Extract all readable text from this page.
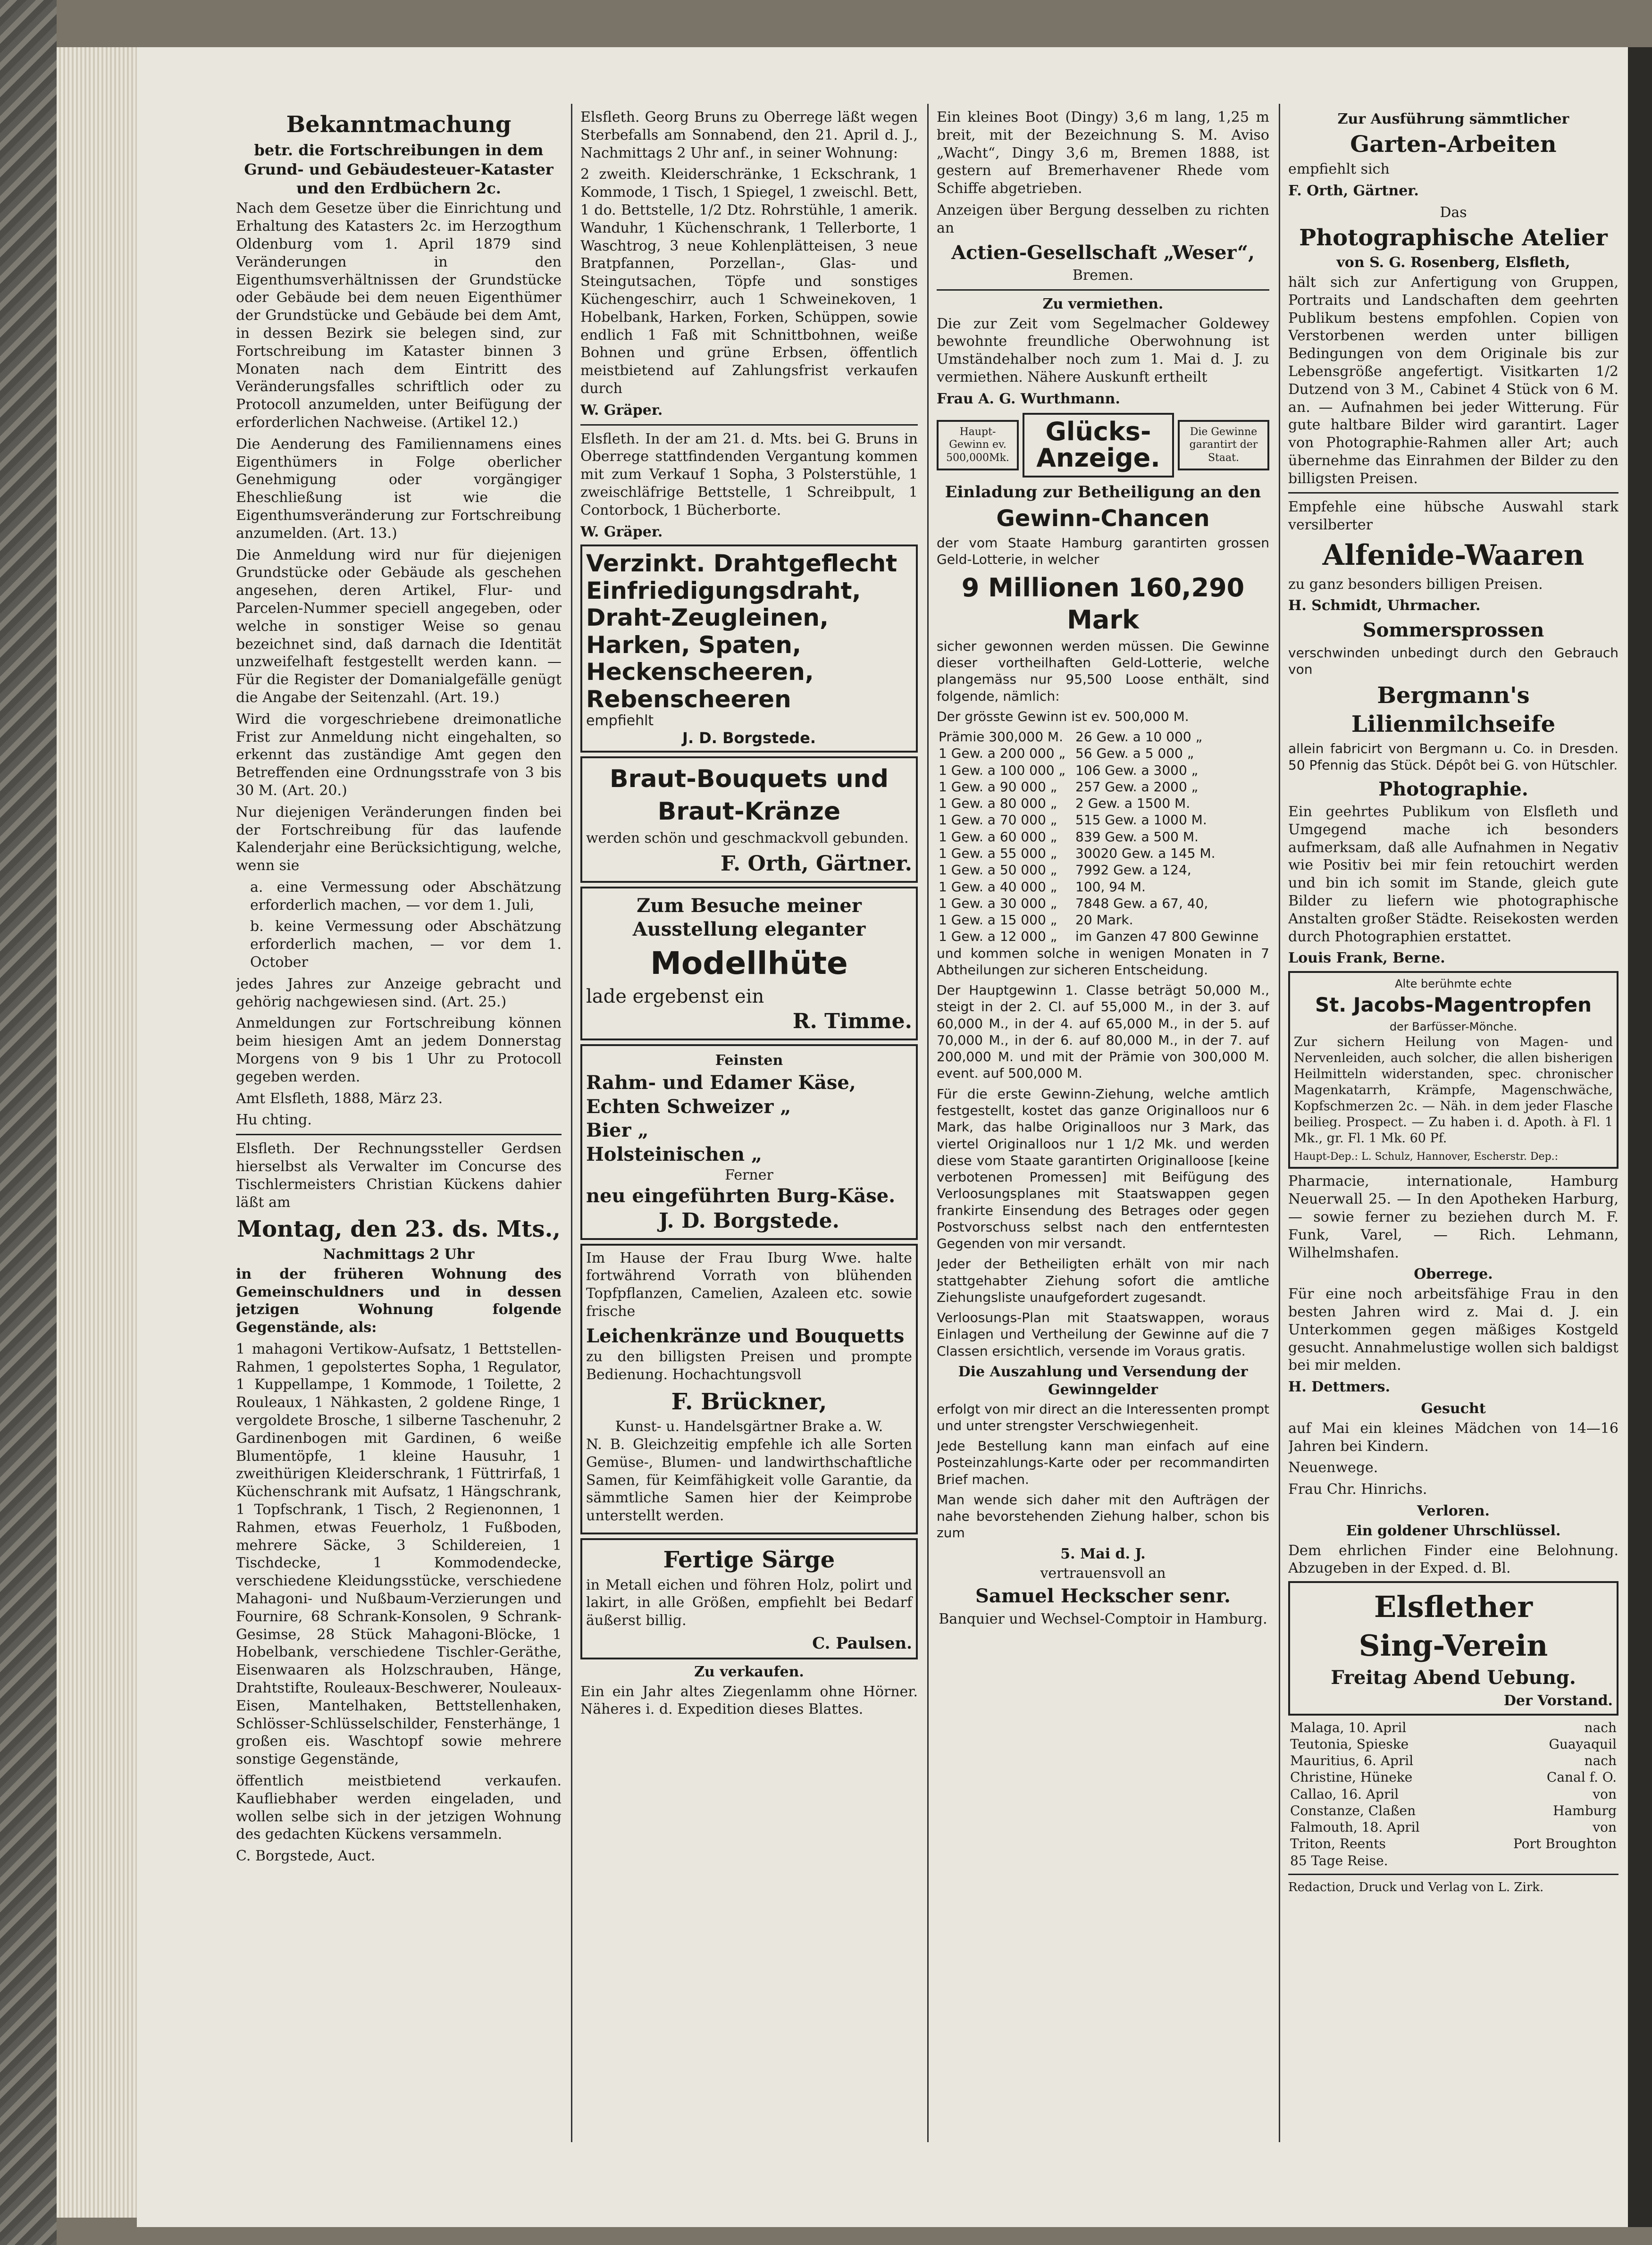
Bekanntmachung
betr. die Fortschreibungen in dem Grund- und Gebäudesteuer-Kataster und den Erdbüchern 2c.

Nach dem Gesetze über die Einrichtung und Erhaltung des Katasters 2c. im Herzogthum Oldenburg vom 1. April 1879 sind Veränderungen in den Eigenthumsverhältnissen der Grundstücke oder Gebäude bei dem neuen Eigenthümer der Grundstücke und Gebäude bei dem Amt, in dessen Bezirk sie belegen sind, zur Fortschreibung im Kataster binnen 3 Monaten nach dem Eintritt des Veränderungsfalles schriftlich oder zu Protocoll anzumelden, unter Beifügung der erforderlichen Nachweise. (Artikel 12.)

Die Aenderung des Familiennamens eines Eigenthümers in Folge oberlicher Genehmigung oder vorgängiger Eheschließung ist wie die Eigenthumsveränderung zur Fortschreibung anzumelden. (Art. 13.)

Die Anmeldung wird nur für diejenigen Grundstücke oder Gebäude als geschehen angesehen, deren Artikel, Flur- und Parcelen-Nummer speciell angegeben, oder welche in sonstiger Weise so genau bezeichnet sind, daß darnach die Identität unzweifelhaft festgestellt werden kann. — Für die Register der Domanialgefälle genügt die Angabe der Seitenzahl. (Art. 19.)

Wird die vorgeschriebene dreimonatliche Frist zur Anmeldung nicht eingehalten, so erkennt das zuständige Amt gegen den Betreffenden eine Ordnungsstrafe von 3 bis 30 M. (Art. 20.)

Nur diejenigen Veränderungen finden bei der Fortschreibung für das laufende Kalenderjahr eine Berücksichtigung, welche, wenn sie

a. eine Vermessung oder Abschätzung erforderlich machen, — vor dem 1. Juli,

b. keine Vermessung oder Abschätzung erforderlich machen, — vor dem 1. October

jedes Jahres zur Anzeige gebracht und gehörig nachgewiesen sind. (Art. 25.)

Anmeldungen zur Fortschreibung können beim hiesigen Amt an jedem Donnerstag Morgens von 9 bis 1 Uhr zu Protocoll gegeben werden.

Amt Elsfleth, 1888, März 23.

Hu chting.

Elsfleth. Der Rechnungssteller Gerdsen hierselbst als Verwalter im Concurse des Tischlermeisters Christian Kückens dahier läßt am

Montag, den 23. ds. Mts.,
Nachmittags 2 Uhr

in der früheren Wohnung des Gemeinschuldners und in dessen jetzigen Wohnung folgende Gegenstände, als:

1 mahagoni Vertikow-Aufsatz, 1 Bettstellen-Rahmen, 1 gepolstertes Sopha, 1 Regulator, 1 Kuppellampe, 1 Kommode, 1 Toilette, 2 Rouleaux, 1 Nähkasten, 2 goldene Ringe, 1 vergoldete Brosche, 1 silberne Taschenuhr, 2 Gardinenbogen mit Gardinen, 6 weiße Blumentöpfe, 1 kleine Hausuhr, 1 zweithürigen Kleiderschrank, 1 Füttrirfaß, 1 Küchenschrank mit Aufsatz, 1 Hängschrank, 1 Topfschrank, 1 Tisch, 2 Regienonnen, 1 Rahmen, etwas Feuerholz, 1 Fußboden, mehrere Säcke, 3 Schildereien, 1 Tischdecke, 1 Kommodendecke, verschiedene Kleidungsstücke, verschiedene Mahagoni- und Nußbaum-Verzierungen und Fournire, 68 Schrank-Konsolen, 9 Schrank-Gesimse, 28 Stück Mahagoni-Blöcke, 1 Hobelbank, verschiedene Tischler-Geräthe, Eisenwaaren als Holzschrauben, Hänge, Drahtstifte, Rouleaux-Beschwerer, Nouleaux-Eisen, Mantelhaken, Bettstellenhaken, Schlösser-Schlüsselschilder, Fensterhänge, 1 großen eis. Waschtopf sowie mehrere sonstige Gegenstände,

öffentlich meistbietend verkaufen. Kaufliebhaber werden eingeladen, und wollen selbe sich in der jetzigen Wohnung des gedachten Kückens versammeln.

C. Borgstede, Auct.

Elsfleth. Georg Bruns zu Oberrege läßt wegen Sterbefalls am Sonnabend, den 21. April d. J., Nachmittags 2 Uhr anf., in seiner Wohnung:

2 zweith. Kleiderschränke, 1 Eckschrank, 1 Kommode, 1 Tisch, 1 Spiegel, 1 zweischl. Bett, 1 do. Bettstelle, 1/2 Dtz. Rohrstühle, 1 amerik. Wanduhr, 1 Küchenschrank, 1 Tellerborte, 1 Waschtrog, 3 neue Kohlenplätteisen, 3 neue Bratpfannen, Porzellan-, Glas- und Steingutsachen, Töpfe und sonstiges Küchengeschirr, auch 1 Schweinekoven, 1 Hobelbank, Harken, Forken, Schüppen, sowie endlich 1 Faß mit Schnittbohnen, weiße Bohnen und grüne Erbsen, öffentlich meistbietend auf Zahlungsfrist verkaufen durch

W. Gräper.

Elsfleth. In der am 21. d. Mts. bei G. Bruns in Oberrege stattfindenden Vergantung kommen mit zum Verkauf 1 Sopha, 3 Polsterstühle, 1 zweischläfrige Bettstelle, 1 Schreibpult, 1 Contorbock, 1 Bücherborte.

W. Gräper.

Verzinkt. Drahtgeflecht
Einfriedigungsdraht,
Draht-Zeugleinen,
Harken, Spaten,
Heckenscheeren,
Rebenscheeren
empfiehlt
J. D. Borgstede.
Braut-Bouquets und
Braut-Kränze

werden schön und geschmackvoll gebunden.

F. Orth, Gärtner.
Zum Besuche meiner Ausstellung eleganter
Modellhüte
lade ergebenst ein
R. Timme.
Feinsten
Rahm- und Edamer Käse,
Echten Schweizer „
Bier „
Holsteinischen „
Ferner
neu eingeführten Burg-Käse.
J. D. Borgstede.

Im Hause der Frau Iburg Wwe. halte fortwährend Vorrath von blühenden Topfpflanzen, Camelien, Azaleen etc. sowie frische

Leichenkränze und Bouquetts

zu den billigsten Preisen und prompte Bedienung. Hochachtungsvoll

F. Brückner,
Kunst- u. Handelsgärtner Brake a. W.

N. B. Gleichzeitig empfehle ich alle Sorten Gemüse-, Blumen- und landwirthschaftliche Samen, für Keimfähigkeit volle Garantie, da sämmtliche Samen hier der Keimprobe unterstellt werden.

Fertige Särge

in Metall eichen und föhren Holz, polirt und lakirt, in alle Größen, empfiehlt bei Bedarf äußerst billig.

C. Paulsen.
Zu verkaufen.

Ein ein Jahr altes Ziegenlamm ohne Hörner. Näheres i. d. Expedition dieses Blattes.

Ein kleines Boot (Dingy) 3,6 m lang, 1,25 m breit, mit der Bezeichnung S. M. Aviso „Wacht“, Dingy 3,6 m, Bremen 1888, ist gestern auf Bremerhavener Rhede vom Schiffe abgetrieben.

Anzeigen über Bergung desselben zu richten an

Actien-Gesellschaft „Weser“,
Bremen.
Zu vermiethen.

Die zur Zeit vom Segelmacher Goldewey bewohnte freundliche Oberwohnung ist Umständehalber noch zum 1. Mai d. J. zu vermiethen. Nähere Auskunft ertheilt

Frau A. G. Wurthmann.

Haupt-Gewinn ev. 500,000Mk.
Glücks-
Anzeige.
Die Gewinne garantirt der Staat.
Einladung zur Betheiligung an den
Gewinn-Chancen

der vom Staate Hamburg garantirten grossen Geld-Lotterie, in welcher

9 Millionen 160,290 Mark

sicher gewonnen werden müssen. Die Gewinne dieser vortheilhaften Geld-Lotterie, welche plangemäss nur 95,500 Loose enthält, sind folgende, nämlich:

Der grösste Gewinn ist ev. 500,000 M.

Prämie 300,000 M.	26 Gew. a 10 000 „
1 Gew. a 200 000 „	56 Gew. a 5 000 „
1 Gew. a 100 000 „	106 Gew. a 3000 „
1 Gew. a 90 000 „	257 Gew. a 2000 „
1 Gew. a 80 000 „	2 Gew. a 1500 M.
1 Gew. a 70 000 „	515 Gew. a 1000 M.
1 Gew. a 60 000 „	839 Gew. a 500 M.
1 Gew. a 55 000 „	30020 Gew. a 145 M.
1 Gew. a 50 000 „	7992 Gew. a 124,
1 Gew. a 40 000 „	100, 94 M.
1 Gew. a 30 000 „	7848 Gew. a 67, 40,
1 Gew. a 15 000 „	20 Mark.
1 Gew. a 12 000 „	im Ganzen 47 800 Gewinne

und kommen solche in wenigen Monaten in 7 Abtheilungen zur sicheren Entscheidung.

Der Hauptgewinn 1. Classe beträgt 50,000 M., steigt in der 2. Cl. auf 55,000 M., in der 3. auf 60,000 M., in der 4. auf 65,000 M., in der 5. auf 70,000 M., in der 6. auf 80,000 M., in der 7. auf 200,000 M. und mit der Prämie von 300,000 M. event. auf 500,000 M.

Für die erste Gewinn-Ziehung, welche amtlich festgestellt, kostet das ganze Originalloos nur 6 Mark, das halbe Originalloos nur 3 Mark, das viertel Originalloos nur 1 1/2 Mk. und werden diese vom Staate garantirten Originalloose [keine verbotenen Promessen] mit Beifügung des Verloosungsplanes mit Staatswappen gegen frankirte Einsendung des Betrages oder gegen Postvorschuss selbst nach den entferntesten Gegenden von mir versandt.

Jeder der Betheiligten erhält von mir nach stattgehabter Ziehung sofort die amtliche Ziehungsliste unaufgefordert zugesandt.

Verloosungs-Plan mit Staatswappen, woraus Einlagen und Vertheilung der Gewinne auf die 7 Classen ersichtlich, versende im Voraus gratis.

Die Auszahlung und Versendung der Gewinngelder

erfolgt von mir direct an die Interessenten prompt und unter strengster Verschwiegenheit.

Jede Bestellung kann man einfach auf eine Posteinzahlungs-Karte oder per recommandirten Brief machen.

Man wende sich daher mit den Aufträgen der nahe bevorstehenden Ziehung halber, schon bis zum

5. Mai d. J.
vertrauensvoll an
Samuel Heckscher senr.
Banquier und Wechsel-Comptoir in Hamburg.
Zur Ausführung sämmtlicher
Garten-Arbeiten

empfiehlt sich

F. Orth, Gärtner.

Das
Photographische Atelier
von S. G. Rosenberg, Elsfleth,

hält sich zur Anfertigung von Gruppen, Portraits und Landschaften dem geehrten Publikum bestens empfohlen. Copien von Verstorbenen werden unter billigen Bedingungen von dem Originale bis zur Lebensgröße angefertigt. Visitkarten 1/2 Dutzend von 3 M., Cabinet 4 Stück von 6 M. an. — Aufnahmen bei jeder Witterung. Für gute haltbare Bilder wird garantirt. Lager von Photographie-Rahmen aller Art; auch übernehme das Einrahmen der Bilder zu den billigsten Preisen.

Empfehle eine hübsche Auswahl stark versilberter

Alfenide-Waaren

zu ganz besonders billigen Preisen.

H. Schmidt, Uhrmacher.

Sommersprossen

verschwinden unbedingt durch den Gebrauch von

Bergmann's Lilienmilchseife

allein fabricirt von Bergmann u. Co. in Dresden. 50 Pfennig das Stück. Dépôt bei G. von Hütschler.

Photographie.

Ein geehrtes Publikum von Elsfleth und Umgegend mache ich besonders aufmerksam, daß alle Aufnahmen in Negativ wie Positiv bei mir fein retouchirt werden und bin ich somit im Stande, gleich gute Bilder zu liefern wie photographische Anstalten großer Städte. Reisekosten werden durch Photographien erstattet.

Louis Frank, Berne.

Alte berühmte echte
St. Jacobs-Magentropfen
der Barfüsser-Mönche.

Zur sichern Heilung von Magen- und Nervenleiden, auch solcher, die allen bisherigen Heilmitteln widerstanden, spec. chronischer Magenkatarrh, Krämpfe, Magenschwäche, Kopfschmerzen 2c. — Näh. in dem jeder Flasche beilieg. Prospect. — Zu haben i. d. Apoth. à Fl. 1 Mk., gr. Fl. 1 Mk. 60 Pf.

Haupt-Dep.: L. Schulz, Hannover, Escherstr. Dep.:

Pharmacie, internationale, Hamburg Neuerwall 25. — In den Apotheken Harburg, — sowie ferner zu beziehen durch M. F. Funk, Varel, — Rich. Lehmann, Wilhelmshafen.

Oberrege.

Für eine noch arbeitsfähige Frau in den besten Jahren wird z. Mai d. J. ein Unterkommen gegen mäßiges Kostgeld gesucht. Annahmelustige wollen sich baldigst bei mir melden.

H. Dettmers.

Gesucht

auf Mai ein kleines Mädchen von 14—16 Jahren bei Kindern.

Neuenwege.

Frau Chr. Hinrichs.

Verloren.
Ein goldener Uhrschlüssel.

Dem ehrlichen Finder eine Belohnung. Abzugeben in der Exped. d. Bl.

Elsflether
Sing-Verein
Freitag Abend Uebung.
Der Vorstand.
Malaga, 10. April	nach
Teutonia, Spieske	Guayaquil
Mauritius, 6. April	nach
Christine, Hüneke	Canal f. O.
Callao, 16. April	von
Constanze, Claßen	Hamburg
Falmouth, 18. April	von
Triton, Reents	Port Broughton
85 Tage Reise.	
Redaction, Druck und Verlag von L. Zirk.
